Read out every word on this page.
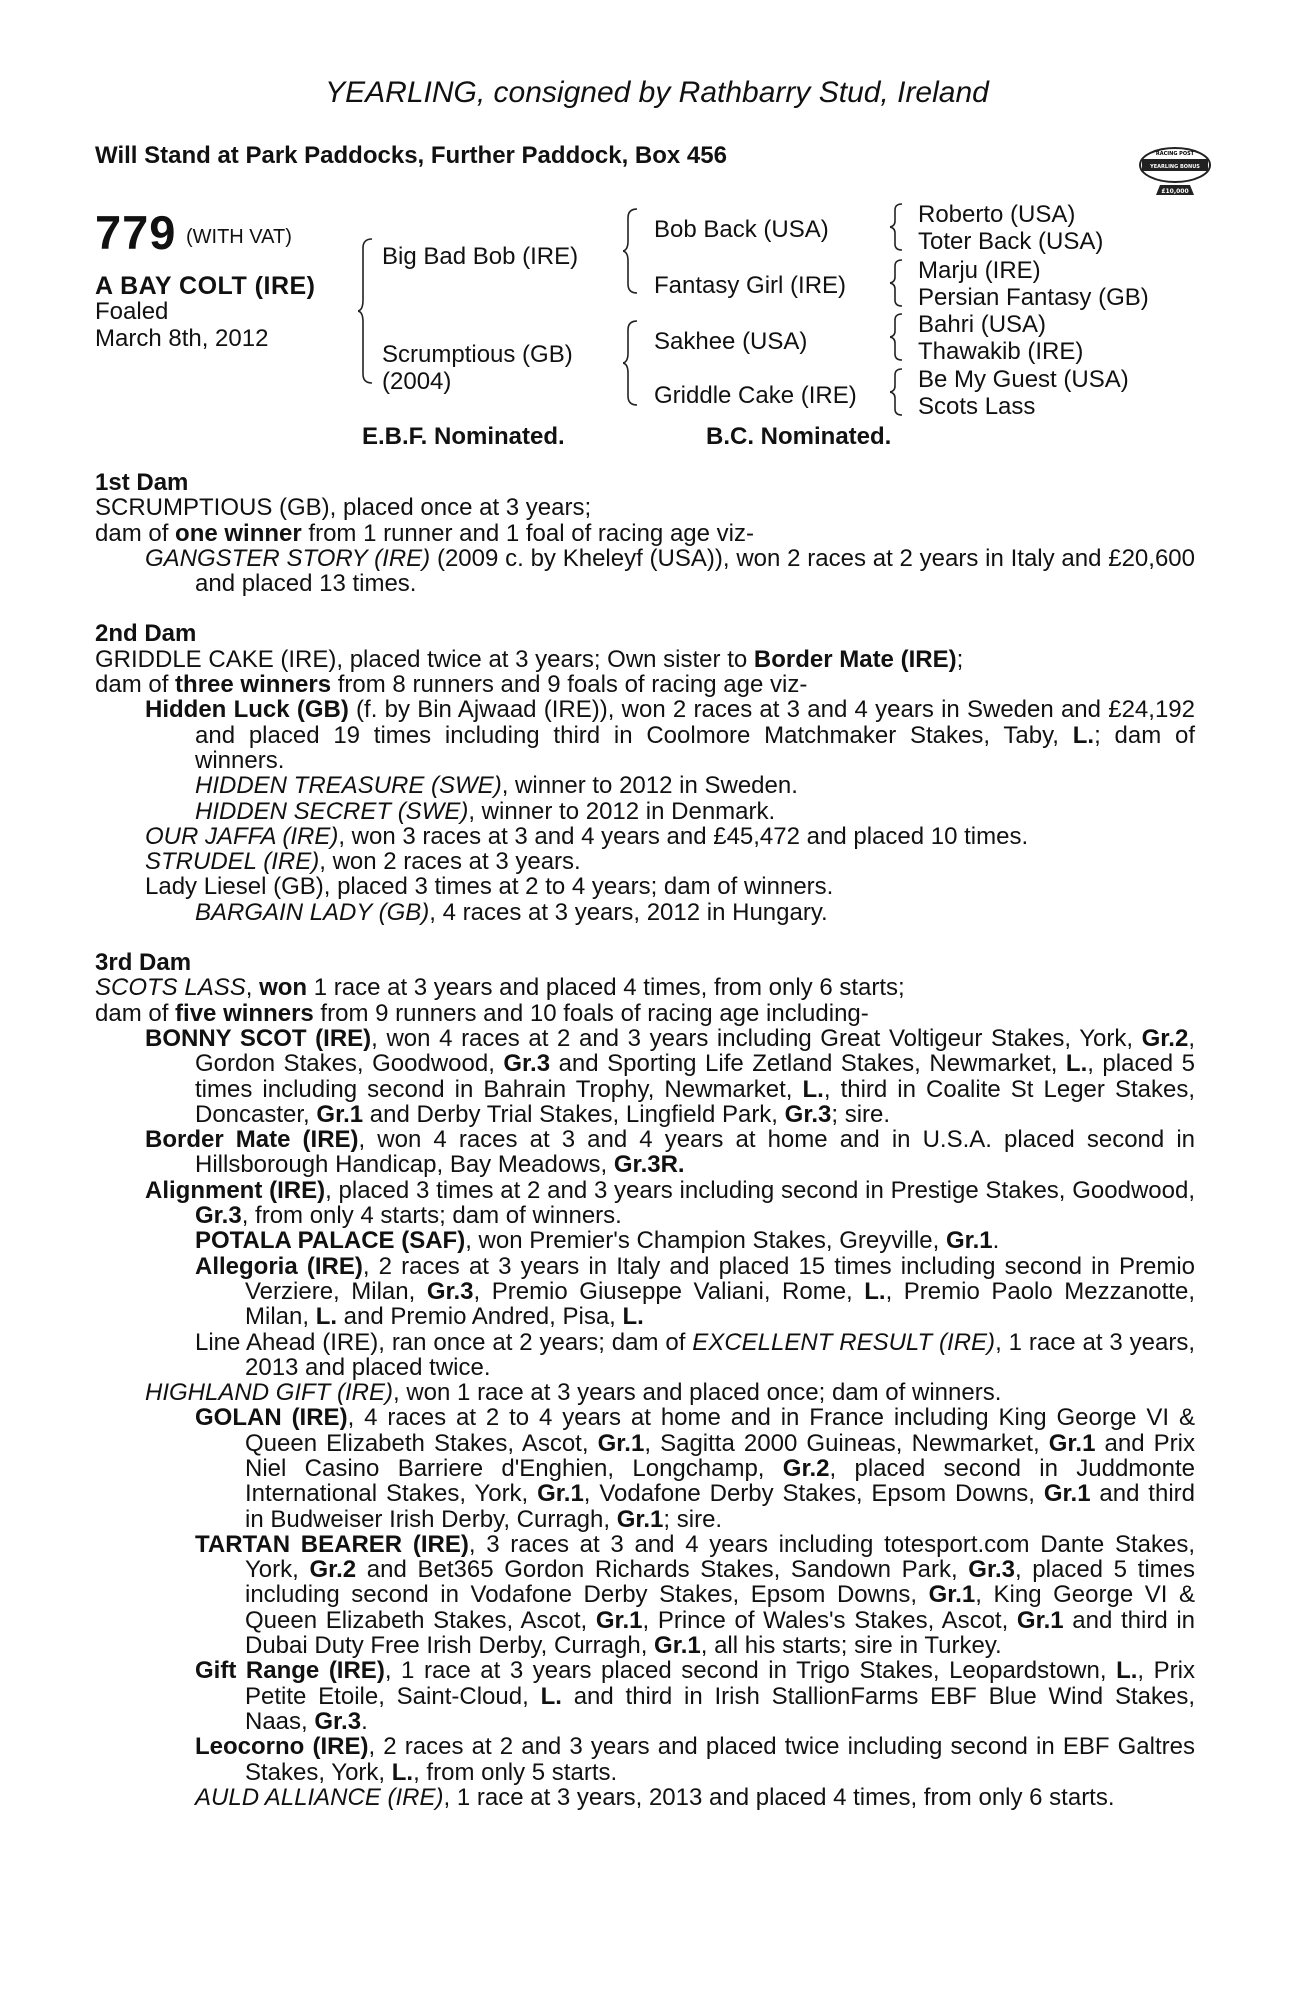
YEARLING, consigned by Rathbarry Stud, Ireland
Will Stand at Park Paddocks, Further Paddock, Box 456	RACING POST
YEARLING BONUS
£10,000
779 (WITH VAT)
A BAY COLT (IRE)
Foaled
March 8th, 2012
Big Bad Bob (IRE)
Scrumptious (GB)
(2004)
Bob Back (USA)
Fantasy Girl (IRE)
Sakhee (USA)
Griddle Cake (IRE)
Roberto (USA)
Toter Back (USA)
Marju (IRE)
Persian Fantasy (GB)
Bahri (USA)
Thawakib (IRE)
Be My Guest (USA)
Scots Lass
E.B.F. Nominated.	B.C. Nominated.

1st Dam

SCRUMPTIOUS (GB), placed once at 3 years;

dam of one winner from 1 runner and 1 foal of racing age viz-

GANGSTER STORY (IRE) (2009 c. by Kheleyf (USA)), won 2 races at 2 years in Italy and £20,600 and placed 13 times.

2nd Dam

GRIDDLE CAKE (IRE), placed twice at 3 years; Own sister to Border Mate (IRE);

dam of three winners from 8 runners and 9 foals of racing age viz-

Hidden Luck (GB) (f. by Bin Ajwaad (IRE)), won 2 races at 3 and 4 years in Sweden and £24,192 and placed 19 times including third in Coolmore Matchmaker Stakes, Taby, L.; dam of winners.

HIDDEN TREASURE (SWE), winner to 2012 in Sweden.

HIDDEN SECRET (SWE), winner to 2012 in Denmark.

OUR JAFFA (IRE), won 3 races at 3 and 4 years and £45,472 and placed 10 times.

STRUDEL (IRE), won 2 races at 3 years.

Lady Liesel (GB), placed 3 times at 2 to 4 years; dam of winners.

BARGAIN LADY (GB), 4 races at 3 years, 2012 in Hungary.

3rd Dam

SCOTS LASS, won 1 race at 3 years and placed 4 times, from only 6 starts;

dam of five winners from 9 runners and 10 foals of racing age including-

BONNY SCOT (IRE), won 4 races at 2 and 3 years including Great Voltigeur Stakes, York, Gr.2, Gordon Stakes, Goodwood, Gr.3 and Sporting Life Zetland Stakes, Newmarket, L., placed 5 times including second in Bahrain Trophy, Newmarket, L., third in Coalite St Leger Stakes, Doncaster, Gr.1 and Derby Trial Stakes, Lingfield Park, Gr.3; sire.

Border Mate (IRE), won 4 races at 3 and 4 years at home and in U.S.A. placed second in Hillsborough Handicap, Bay Meadows, Gr.3R.

Alignment (IRE), placed 3 times at 2 and 3 years including second in Prestige Stakes, Goodwood, Gr.3, from only 4 starts; dam of winners.

POTALA PALACE (SAF), won Premier's Champion Stakes, Greyville, Gr.1.

Allegoria (IRE), 2 races at 3 years in Italy and placed 15 times including second in Premio Verziere, Milan, Gr.3, Premio Giuseppe Valiani, Rome, L., Premio Paolo Mezzanotte, Milan, L. and Premio Andred, Pisa, L.

Line Ahead (IRE), ran once at 2 years; dam of EXCELLENT RESULT (IRE), 1 race at 3 years, 2013 and placed twice.

HIGHLAND GIFT (IRE), won 1 race at 3 years and placed once; dam of winners.

GOLAN (IRE), 4 races at 2 to 4 years at home and in France including King George VI & Queen Elizabeth Stakes, Ascot, Gr.1, Sagitta 2000 Guineas, Newmarket, Gr.1 and Prix Niel Casino Barriere d'Enghien, Longchamp, Gr.2, placed second in Juddmonte International Stakes, York, Gr.1, Vodafone Derby Stakes, Epsom Downs, Gr.1 and third in Budweiser Irish Derby, Curragh, Gr.1; sire.

TARTAN BEARER (IRE), 3 races at 3 and 4 years including totesport.com Dante Stakes, York, Gr.2 and Bet365 Gordon Richards Stakes, Sandown Park, Gr.3, placed 5 times including second in Vodafone Derby Stakes, Epsom Downs, Gr.1, King George VI & Queen Elizabeth Stakes, Ascot, Gr.1, Prince of Wales's Stakes, Ascot, Gr.1 and third in Dubai Duty Free Irish Derby, Curragh, Gr.1, all his starts; sire in Turkey.

Gift Range (IRE), 1 race at 3 years placed second in Trigo Stakes, Leopardstown, L., Prix Petite Etoile, Saint-Cloud, L. and third in Irish StallionFarms EBF Blue Wind Stakes, Naas, Gr.3.

Leocorno (IRE), 2 races at 2 and 3 years and placed twice including second in EBF Galtres Stakes, York, L., from only 5 starts.

AULD ALLIANCE (IRE), 1 race at 3 years, 2013 and placed 4 times, from only 6 starts.
